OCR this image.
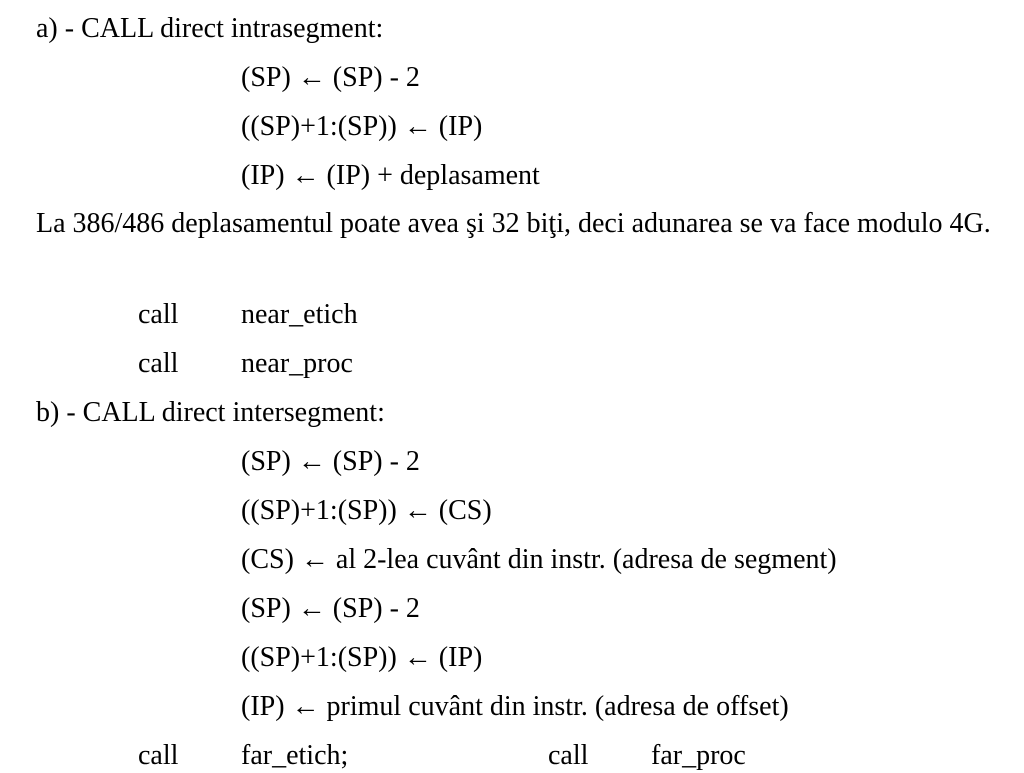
a) - CALL direct intrasegment:
(SP) ← (SP) - 2
((SP)+1:(SP)) ← (IP)
(IP) ← (IP) + deplasament
La 386/486 deplasamentul poate avea şi 32 biţi, deci adunarea se va face modulo 4G.
call near_etich
call near_proc
b) - CALL direct intersegment:
(SP) ← (SP) - 2
((SP)+1:(SP)) ← (CS)
(CS) ← al 2-lea cuvânt din instr. (adresa de segment)
(SP) ← (SP) - 2
((SP)+1:(SP)) ← (IP)
(IP) ← primul cuvânt din instr. (adresa de offset)
call far_etich;	call far_proc
